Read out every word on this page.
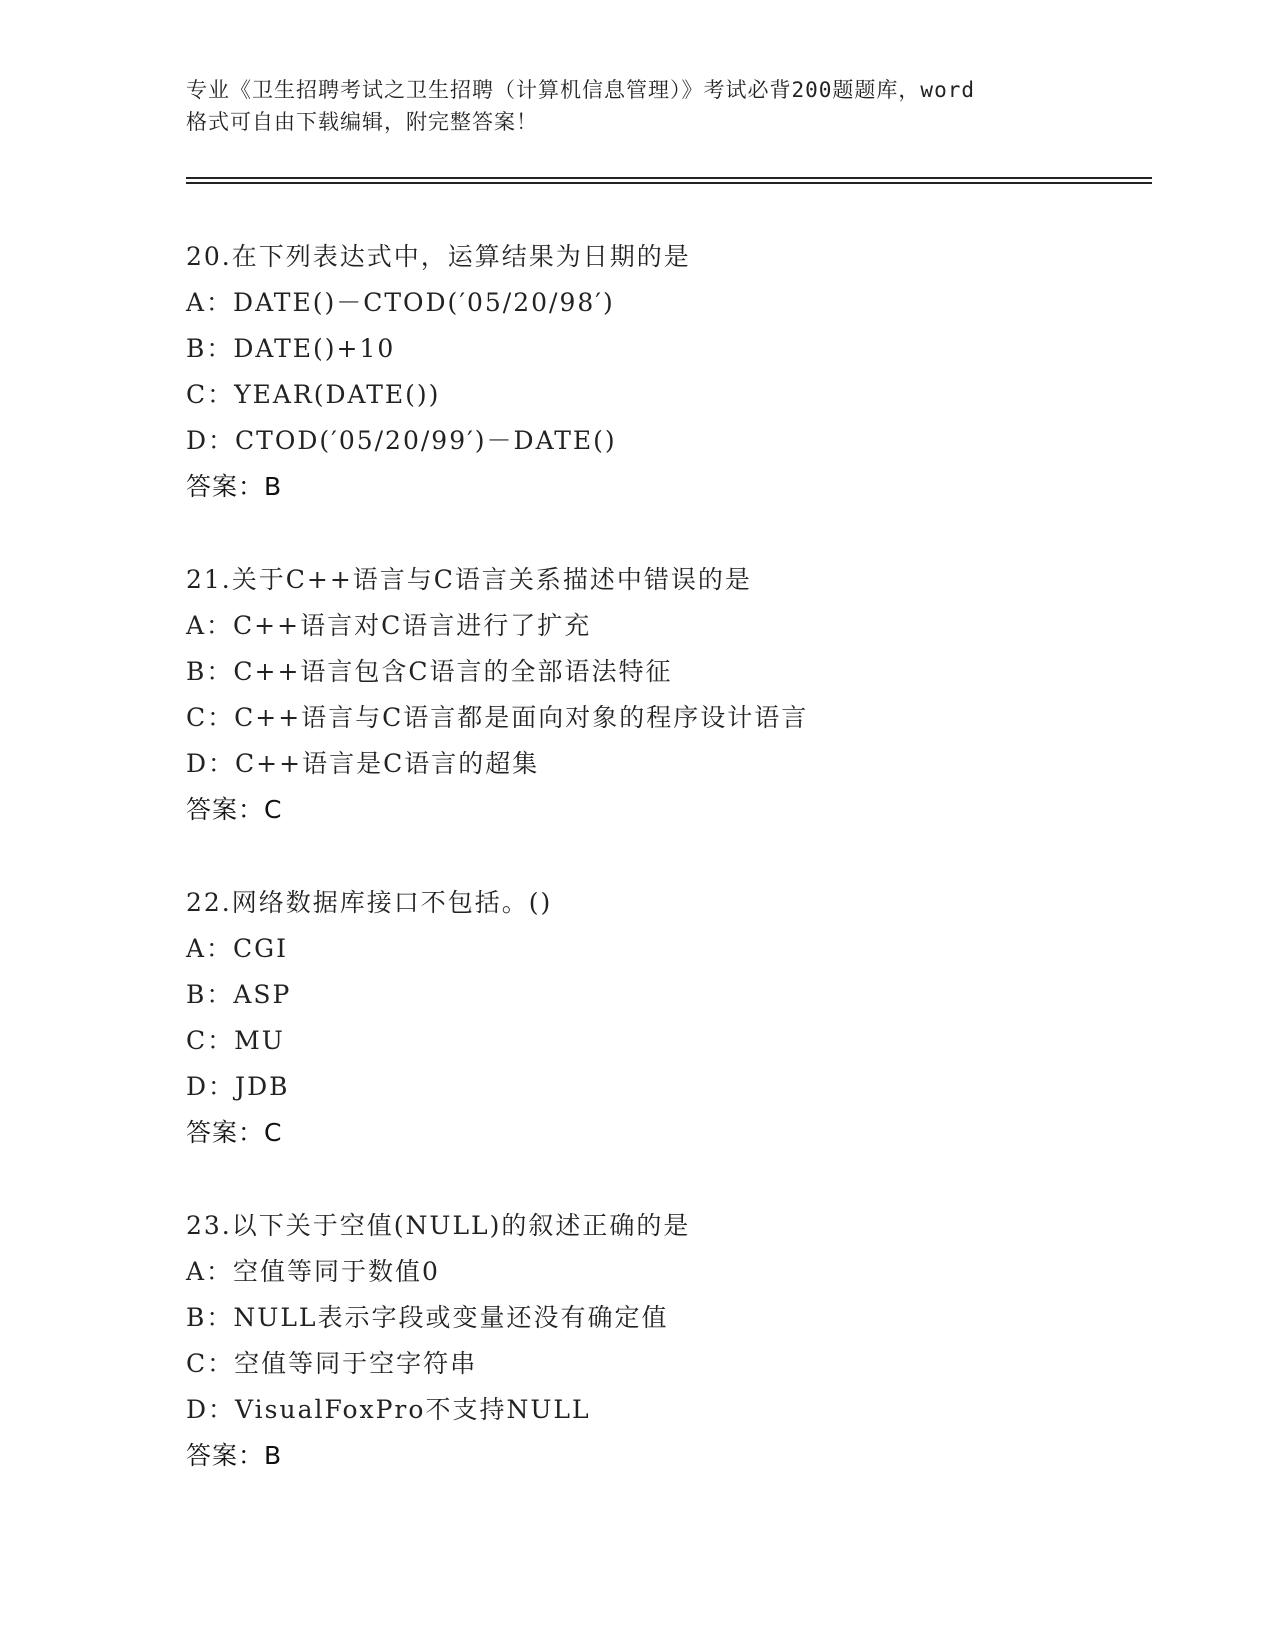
专业《卫生招聘考试之卫生招聘（计算机信息管理）》考试必背200题题库，word
格式可自由下载编辑，附完整答案！
20.在下列表达式中，运算结果为日期的是
A：DATE()－CTOD(′05/20/98′)
B：DATE()+10
C：YEAR(DATE())
D：CTOD(′05/20/99′)－DATE()
答案：B
21.关于C++语言与C语言关系描述中错误的是
A：C++语言对C语言进行了扩充
B：C++语言包含C语言的全部语法特征
C：C++语言与C语言都是面向对象的程序设计语言
D：C++语言是C语言的超集
答案：C
22.网络数据库接口不包括。()
A：CGI
B：ASP
C：MU
D：JDB
答案：C
23.以下关于空值(NULL)的叙述正确的是
A：空值等同于数值0
B：NULL表示字段或变量还没有确定值
C：空值等同于空字符串
D：VisualFoxPro不支持NULL
答案：B
